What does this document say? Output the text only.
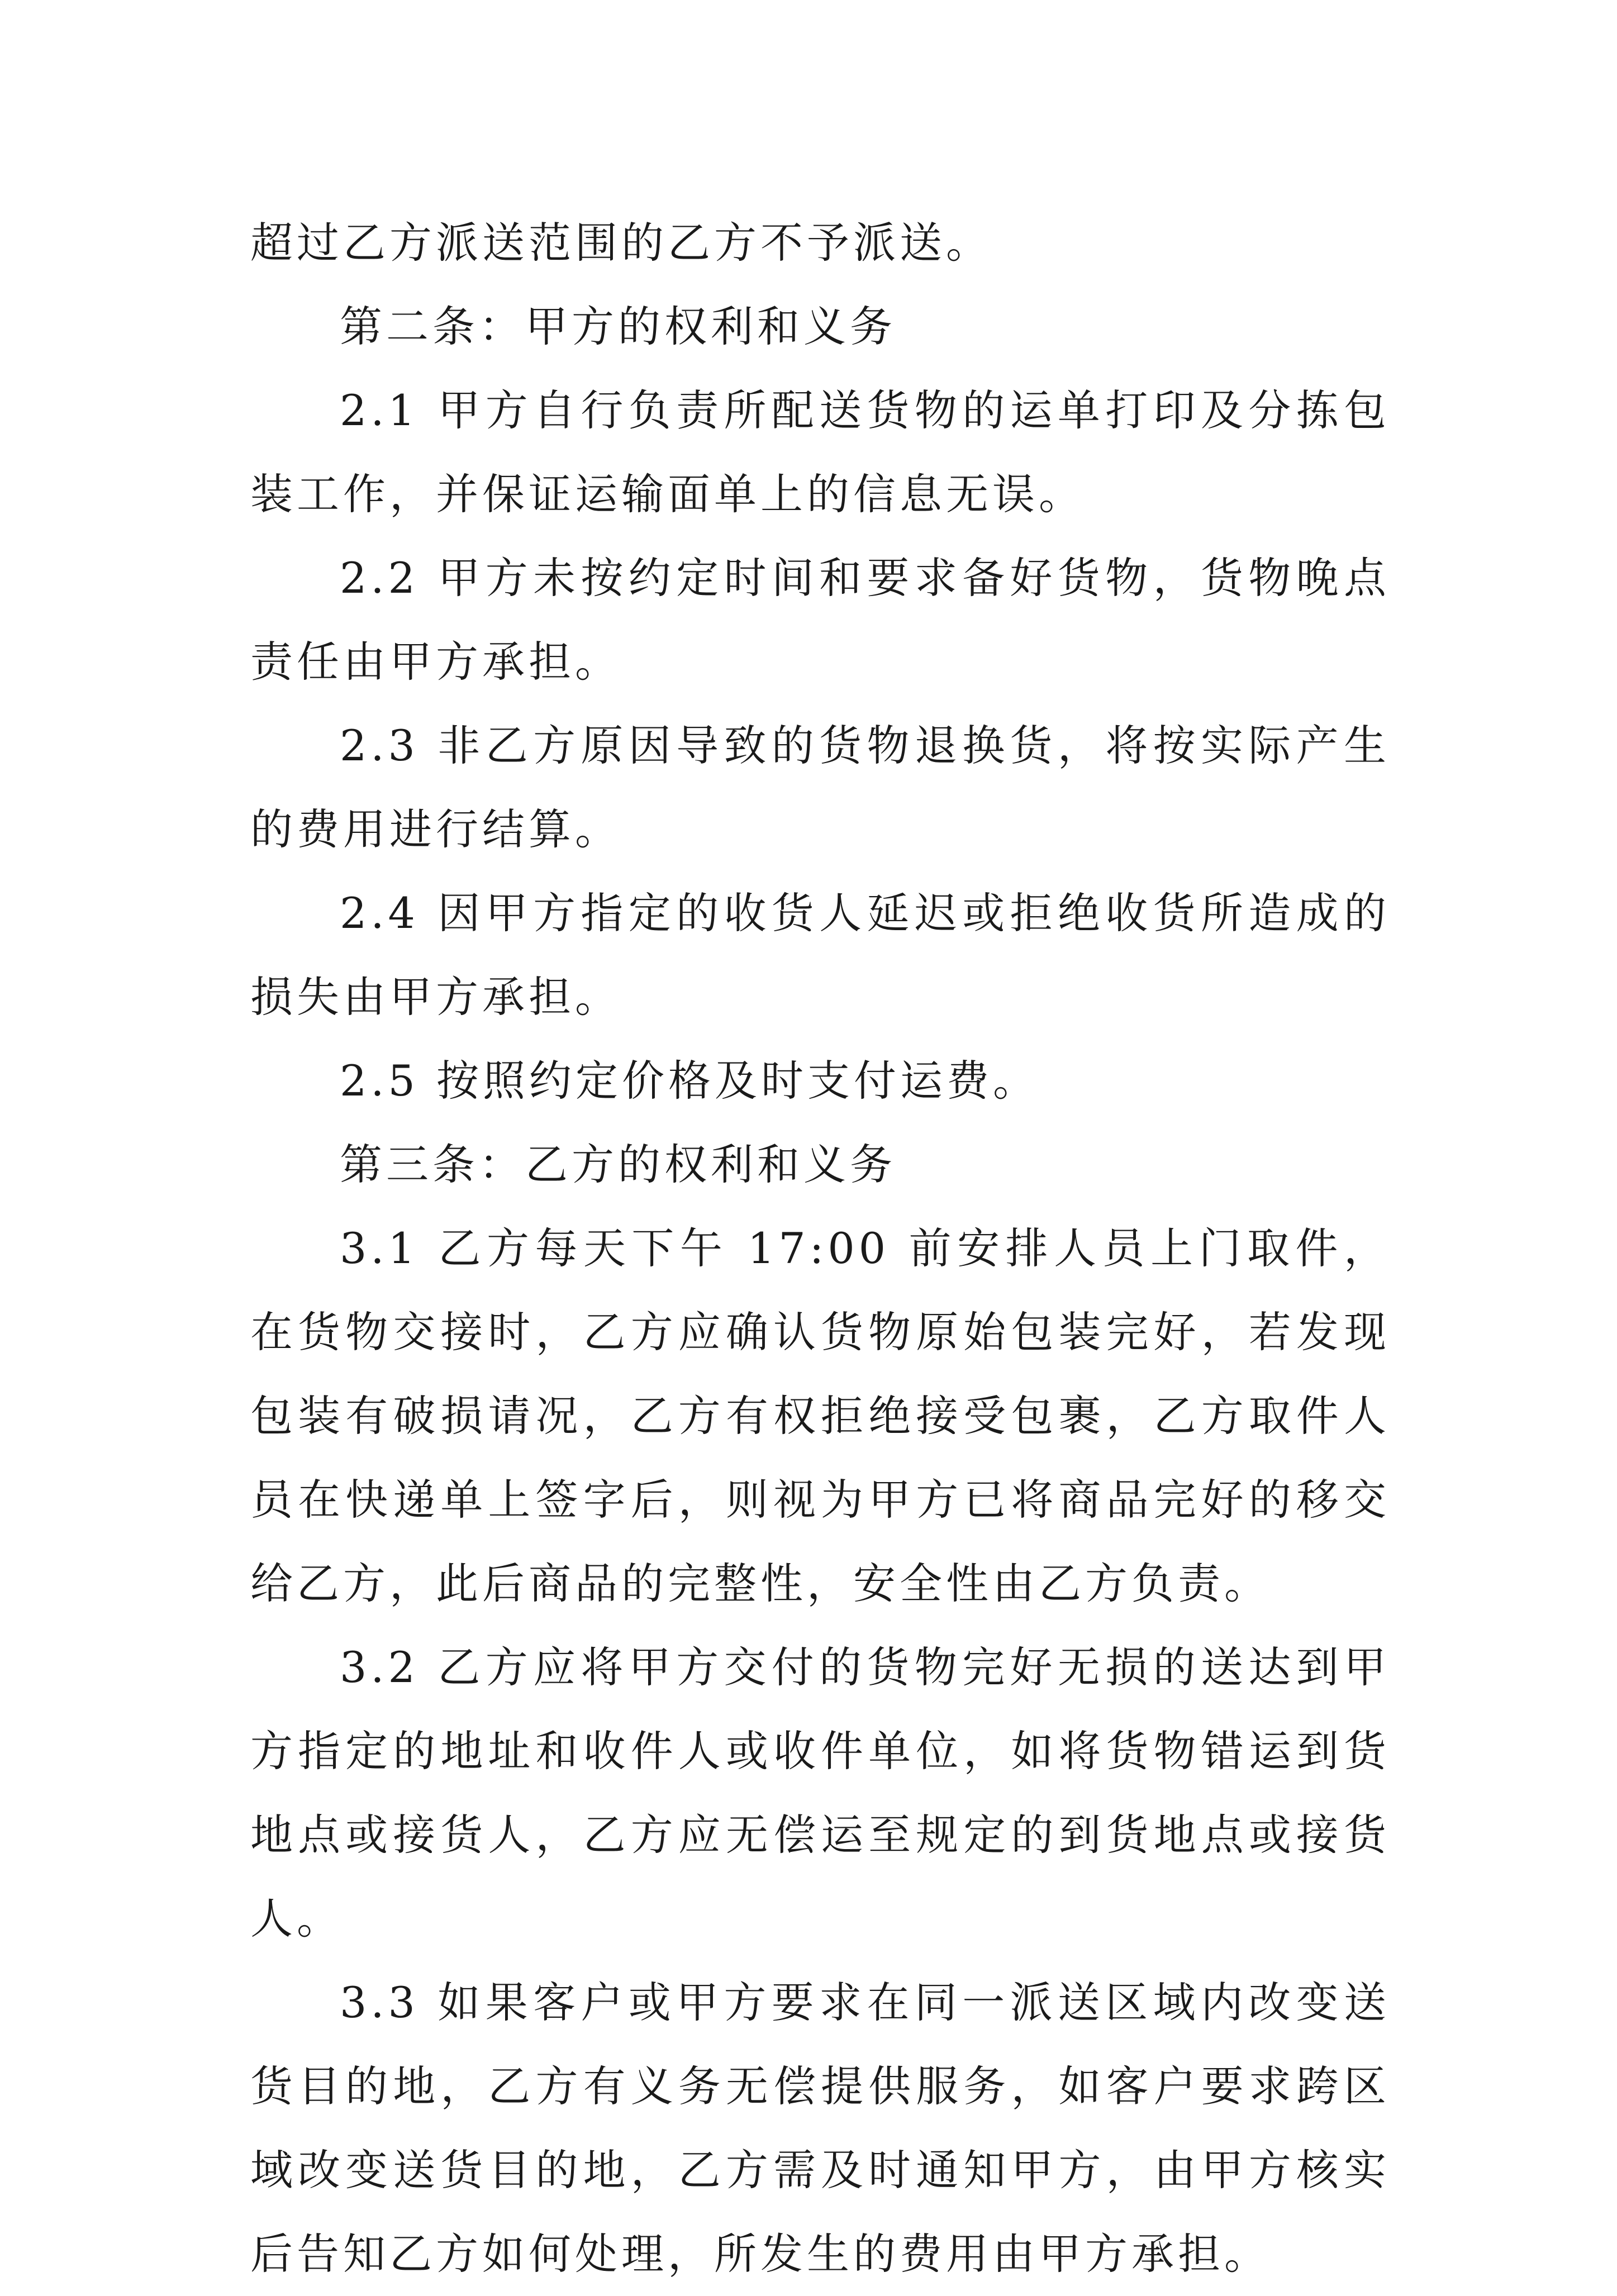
超过乙方派送范围的乙方不予派送。

第二条：甲方的权利和义务

2.1 甲方自行负责所配送货物的运单打印及分拣包装工作，并保证运输面单上的信息无误。

2.2 甲方未按约定时间和要求备好货物，货物晚点责任由甲方承担。

2.3 非乙方原因导致的货物退换货，将按实际产生的费用进行结算。

2.4 因甲方指定的收货人延迟或拒绝收货所造成的损失由甲方承担。

2.5 按照约定价格及时支付运费。

第三条：乙方的权利和义务

3.1 乙方每天下午 17:00 前安排人员上门取件，在货物交接时，乙方应确认货物原始包装完好，若发现包装有破损请况，乙方有权拒绝接受包裹，乙方取件人员在快递单上签字后，则视为甲方已将商品完好的移交给乙方，此后商品的完整性，安全性由乙方负责。

3.2 乙方应将甲方交付的货物完好无损的送达到甲方指定的地址和收件人或收件单位，如将货物错运到货地点或接货人，乙方应无偿运至规定的到货地点或接货人。

3.3 如果客户或甲方要求在同一派送区域内改变送货目的地，乙方有义务无偿提供服务，如客户要求跨区域改变送货目的地，乙方需及时通知甲方，由甲方核实后告知乙方如何处理，所发生的费用由甲方承担。
